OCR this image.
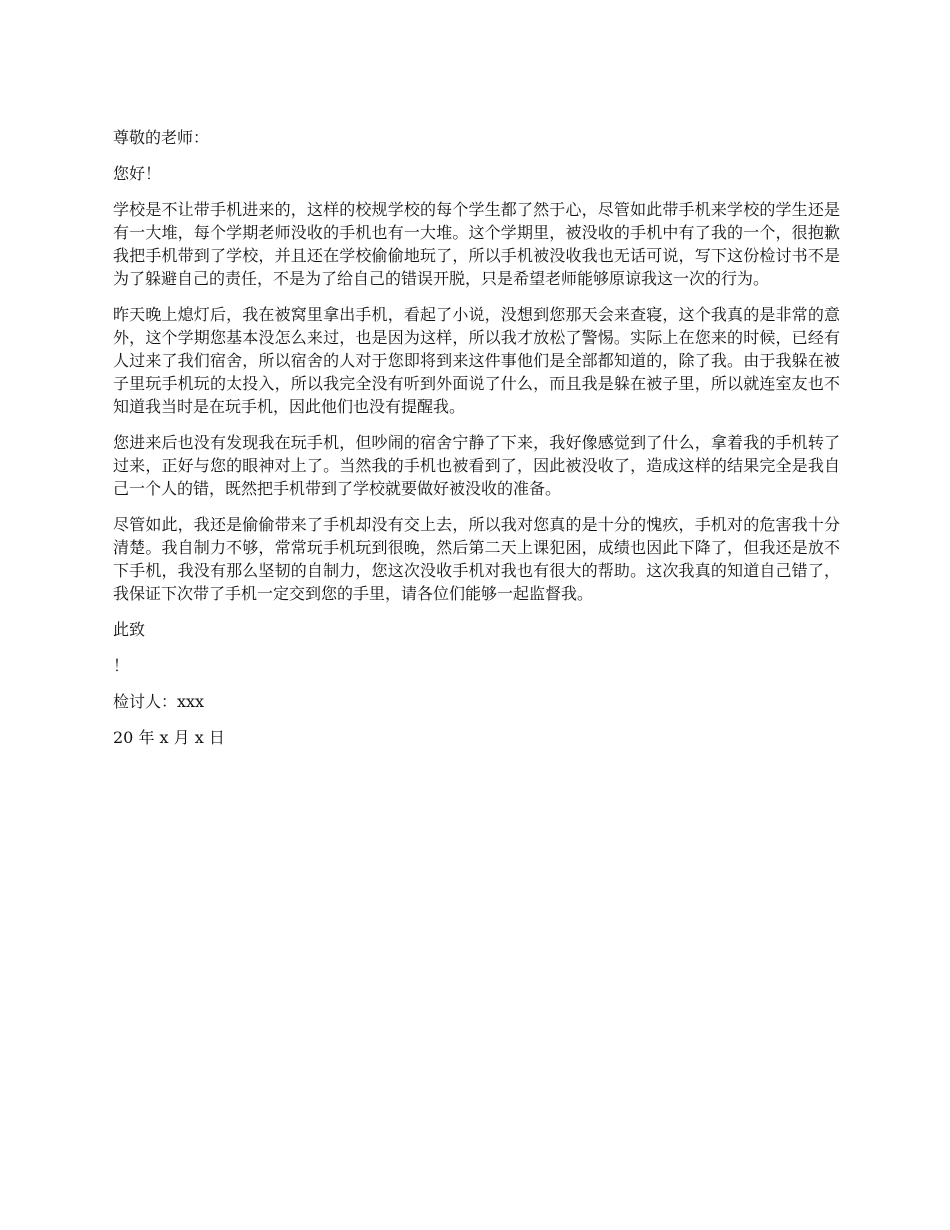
尊敬的老师：

您好！

学校是不让带手机进来的，这样的校规学校的每个学生都了然于心，尽管如此带手机来学校的学生还是有一大堆，每个学期老师没收的手机也有一大堆。这个学期里，被没收的手机中有了我的一个，很抱歉我把手机带到了学校，并且还在学校偷偷地玩了，所以手机被没收我也无话可说，写下这份检讨书不是为了躲避自己的责任，不是为了给自己的错误开脱，只是希望老师能够原谅我这一次的行为。

昨天晚上熄灯后，我在被窝里拿出手机，看起了小说，没想到您那天会来查寝，这个我真的是非常的意外，这个学期您基本没怎么来过，也是因为这样，所以我才放松了警惕。实际上在您来的时候，已经有人过来了我们宿舍，所以宿舍的人对于您即将到来这件事他们是全部都知道的，除了我。由于我躲在被子里玩手机玩的太投入，所以我完全没有听到外面说了什么，而且我是躲在被子里，所以就连室友也不知道我当时是在玩手机，因此他们也没有提醒我。

您进来后也没有发现我在玩手机，但吵闹的宿舍宁静了下来，我好像感觉到了什么，拿着我的手机转了过来，正好与您的眼神对上了。当然我的手机也被看到了，因此被没收了，造成这样的结果完全是我自己一个人的错，既然把手机带到了学校就要做好被没收的准备。

尽管如此，我还是偷偷带来了手机却没有交上去，所以我对您真的是十分的愧疚，手机对的危害我十分清楚。我自制力不够，常常玩手机玩到很晚，然后第二天上课犯困，成绩也因此下降了，但我还是放不下手机，我没有那么坚韧的自制力，您这次没收手机对我也有很大的帮助。这次我真的知道自己错了，我保证下次带了手机一定交到您的手里，请各位们能够一起监督我。

此致

！

检讨人：xxx

20 年 x 月 x 日
